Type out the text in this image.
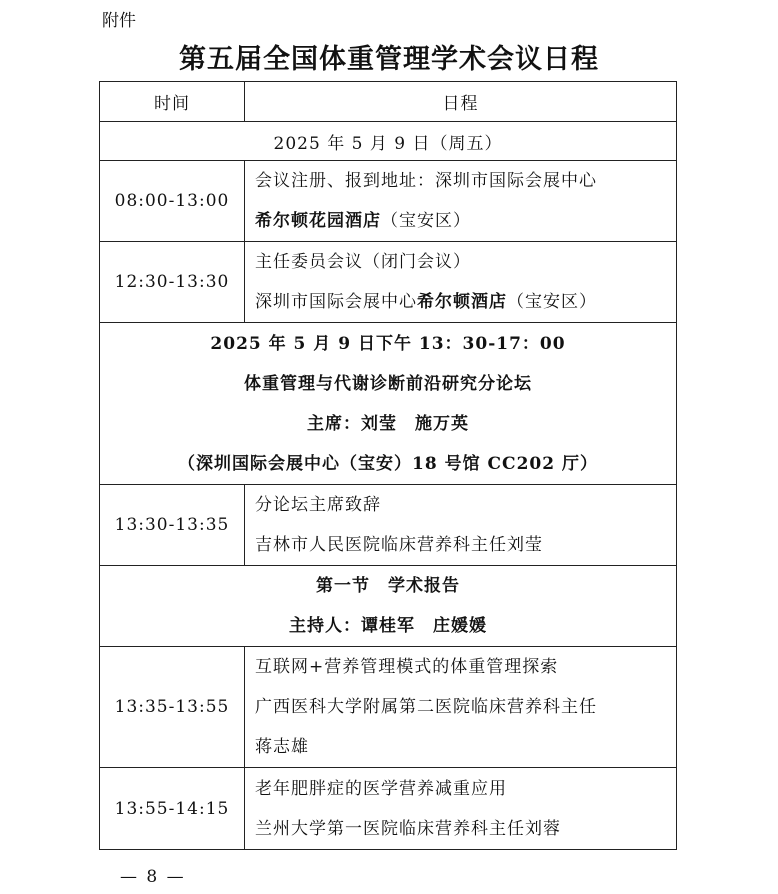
附件
第五届全国体重管理学术会议日程
时间	日程
2025 年 5 月 9 日（周五）	
08:00-13:00	会议注册、报到地址：深圳市国际会展中心
希尔顿花园酒店（宝安区）

12:30-13:30	主任委员会议（闭门会议）
深圳市国际会展中心希尔顿酒店（宝安区）

2025 年 5 月 9 日下午 13：30-17：00
体重管理与代谢诊断前沿研究分论坛
主席：刘莹　施万英
（深圳国际会展中心（宝安）18 号馆 CC202 厅）	

13:30-13:35	分论坛主席致辞
吉林市人民医院临床营养科主任刘莹

第一节　学术报告
主持人：谭桂军　庄媛媛	

13:35-13:55	互联网+营养管理模式的体重管理探索
广西医科大学附属第二医院临床营养科主任
蒋志雄

13:55-14:15	老年肥胖症的医学营养减重应用
兰州大学第一医院临床营养科主任刘蓉
— 8 —
